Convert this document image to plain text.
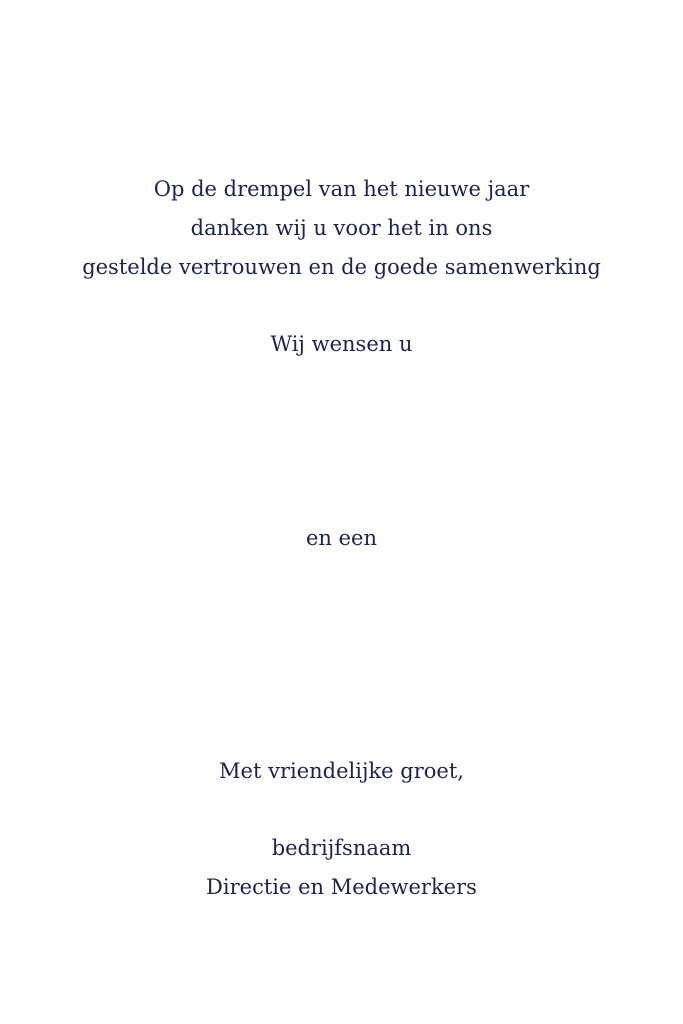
Op de drempel van het nieuwe jaar
danken wij u voor het in ons
gestelde vertrouwen en de goede samenwerking
Wij wensen u
en een
Met vriendelijke groet,
bedrijfsnaam
Directie en Medewerkers
